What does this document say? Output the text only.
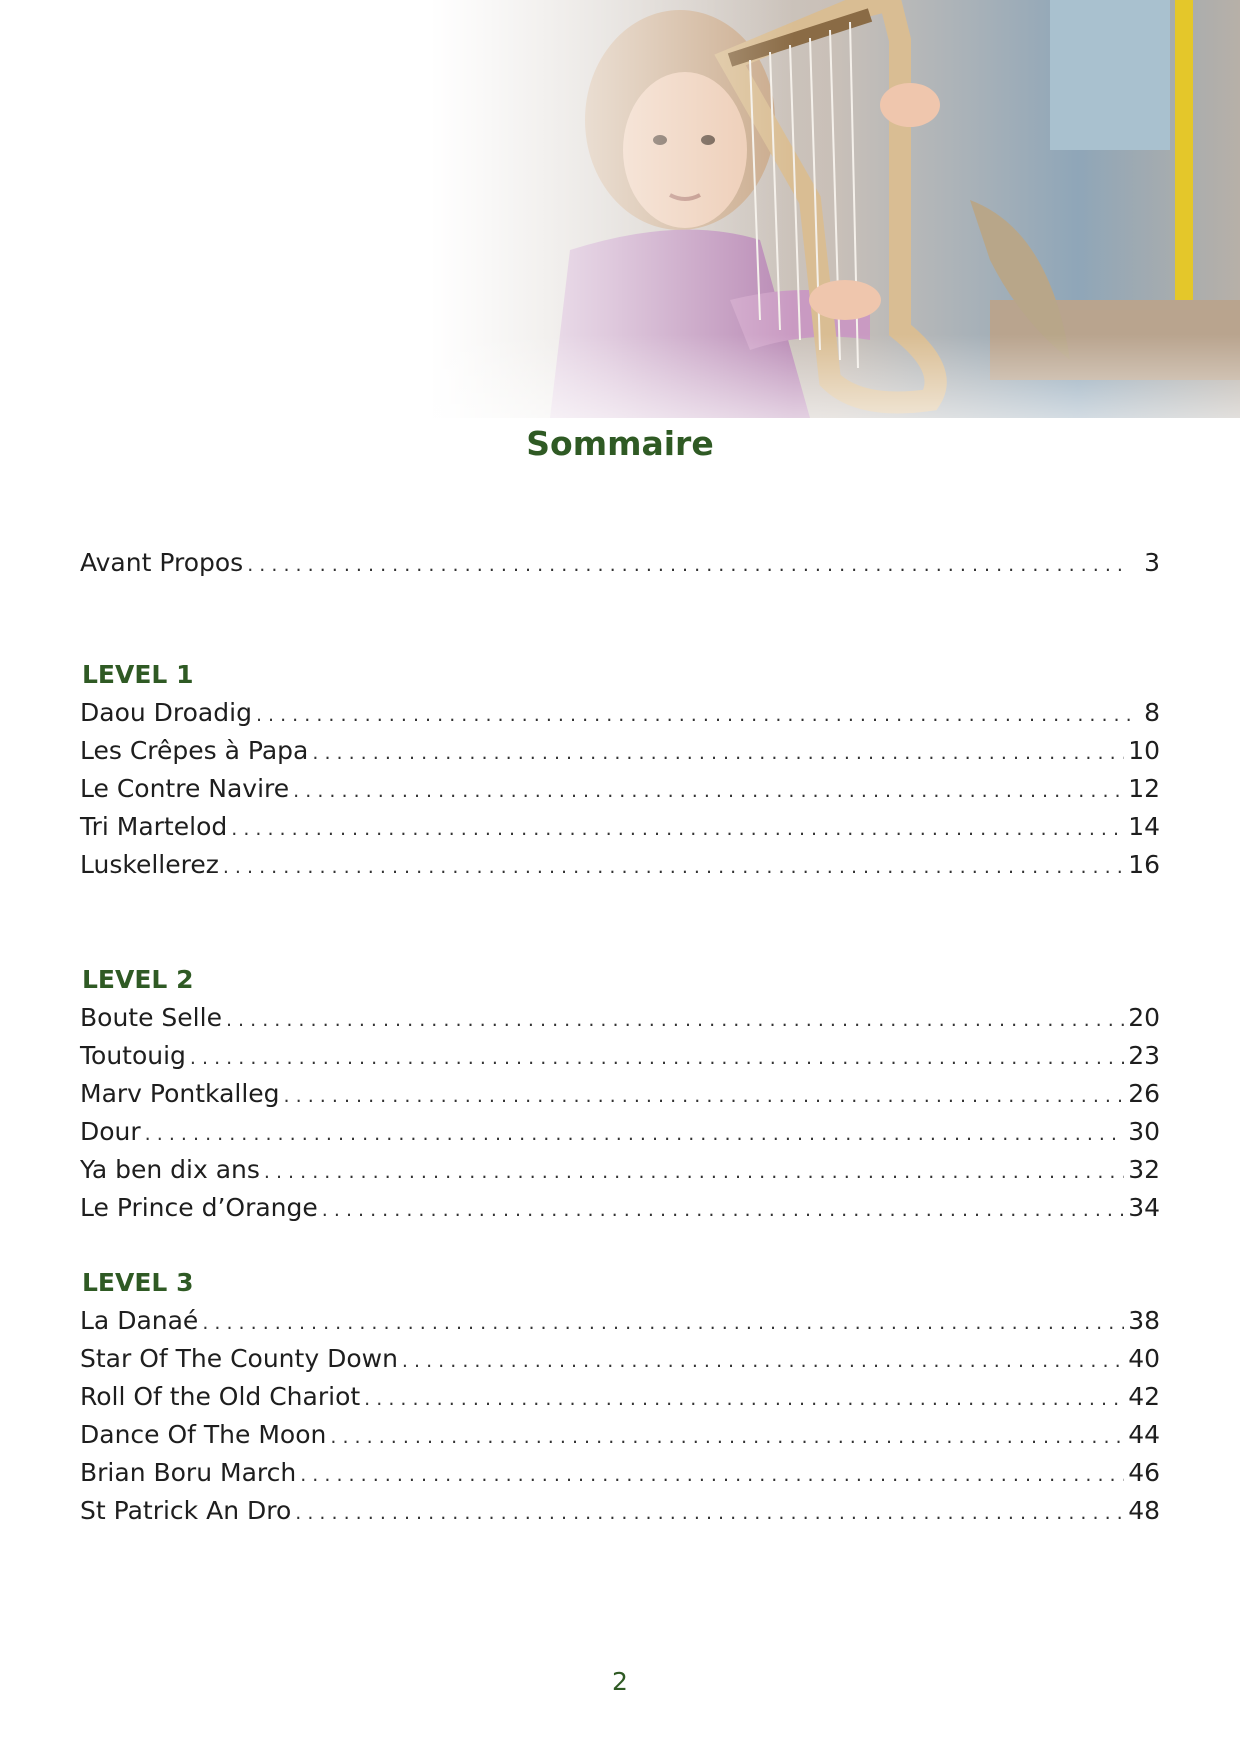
Sommaire
Avant Propos . . .	3
LEVEL 1
Daou Droadig . . .	8
Les Crêpes à Papa . . .	10
Le Contre Navire . . .	12
Tri Martelod . . .	14
Luskellerez . . .	16
LEVEL 2
Boute Selle . . .	20
Toutouig . . .	23
Marv Pontkalleg . . .	26
Dour . . .	30
Ya ben dix ans . . .	32
Le Prince d’Orange . . .	34
LEVEL 3
La Danaé . . .	38
Star Of The County Down . . .	40
Roll Of the Old Chariot . . .	42
Dance Of The Moon . . .	44
Brian Boru March . . .	46
St Patrick An Dro . . .	48
2
